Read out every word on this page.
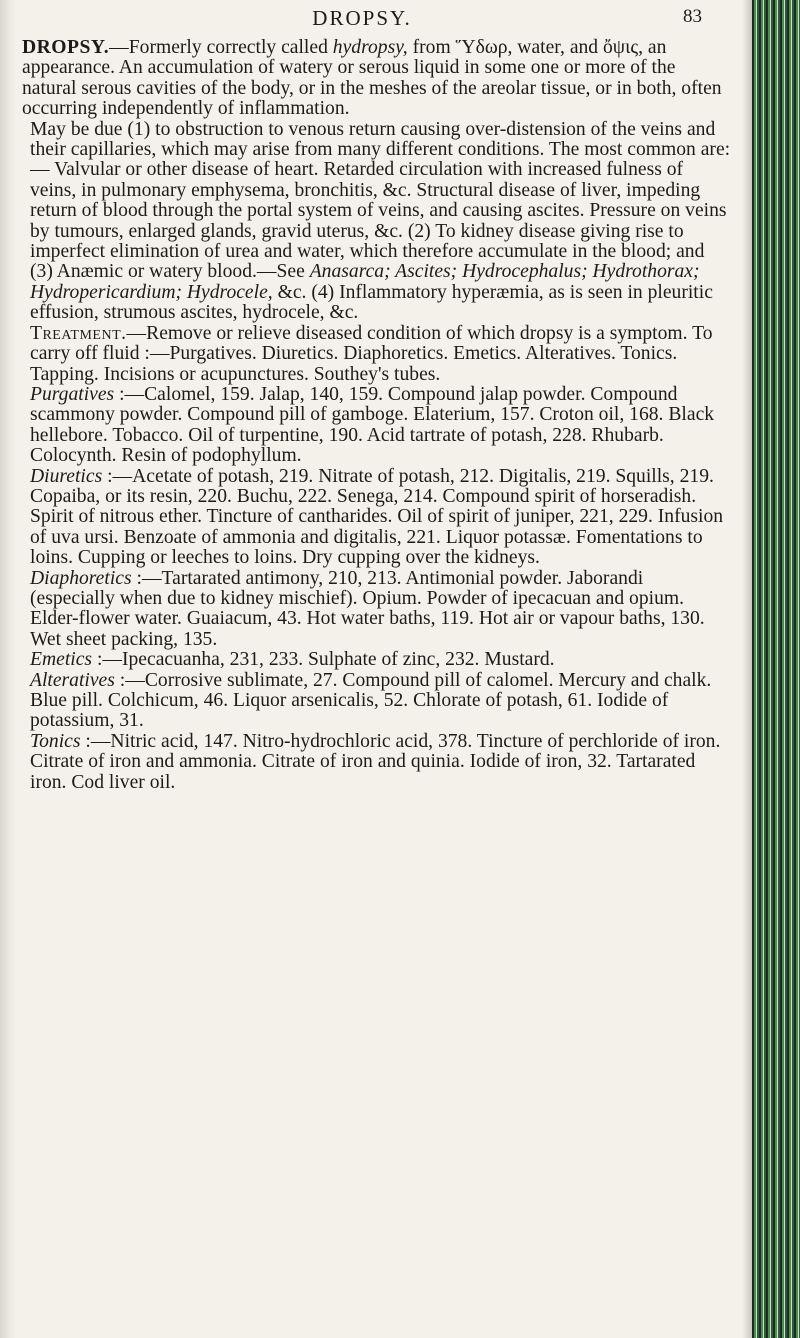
DROPSY.	83

DROPSY.—Formerly correctly called hydropsy, from Ὕδωρ, water, and ὄψις, an appearance. An accumulation of watery or serous liquid in some one or more of the natural serous cavities of the body, or in the meshes of the areolar tissue, or in both, often occurring independently of inflammation.

May be due (1) to obstruction to venous return causing over-distension of the veins and their capillaries, which may arise from many different conditions. The most common are:— Valvular or other disease of heart. Retarded circulation with increased fulness of veins, in pulmonary emphysema, bronchitis, &c. Structural disease of liver, impeding return of blood through the portal system of veins, and causing ascites. Pressure on veins by tumours, enlarged glands, gravid uterus, &c. (2) To kidney disease giving rise to imperfect elimination of urea and water, which therefore accumulate in the blood; and (3) Anæmic or watery blood.—See Anasarca; Ascites; Hydrocephalus; Hydrothorax; Hydropericardium; Hydrocele, &c. (4) Inflammatory hyperæmia, as is seen in pleuritic effusion, strumous ascites, hydrocele, &c.

Treatment.—Remove or relieve diseased condition of which dropsy is a symptom. To carry off fluid :—Purgatives. Diuretics. Diaphoretics. Emetics. Alteratives. Tonics. Tapping. Incisions or acupunctures. Southey's tubes.

Purgatives :—Calomel, 159. Jalap, 140, 159. Compound jalap powder. Compound scammony powder. Compound pill of gamboge. Elaterium, 157. Croton oil, 168. Black hellebore. Tobacco. Oil of turpentine, 190. Acid tartrate of potash, 228. Rhubarb. Colocynth. Resin of podophyllum.

Diuretics :—Acetate of potash, 219. Nitrate of potash, 212. Digitalis, 219. Squills, 219. Copaiba, or its resin, 220. Buchu, 222. Senega, 214. Compound spirit of horseradish. Spirit of nitrous ether. Tincture of cantharides. Oil of spirit of juniper, 221, 229. Infusion of uva ursi. Benzoate of ammonia and digitalis, 221. Liquor potassæ. Fomentations to loins. Cupping or leeches to loins. Dry cupping over the kidneys.

Diaphoretics :—Tartarated antimony, 210, 213. Antimonial powder. Jaborandi (especially when due to kidney mischief). Opium. Powder of ipecacuan and opium. Elder-flower water. Guaiacum, 43. Hot water baths, 119. Hot air or vapour baths, 130. Wet sheet packing, 135.

Emetics :—Ipecacuanha, 231, 233. Sulphate of zinc, 232. Mustard.

Alteratives :—Corrosive sublimate, 27. Compound pill of calomel. Mercury and chalk. Blue pill. Colchicum, 46. Liquor arsenicalis, 52. Chlorate of potash, 61. Iodide of potassium, 31.

Tonics :—Nitric acid, 147. Nitro-hydrochloric acid, 378. Tincture of perchloride of iron. Citrate of iron and ammonia. Citrate of iron and quinia. Iodide of iron, 32. Tartarated iron. Cod liver oil.
